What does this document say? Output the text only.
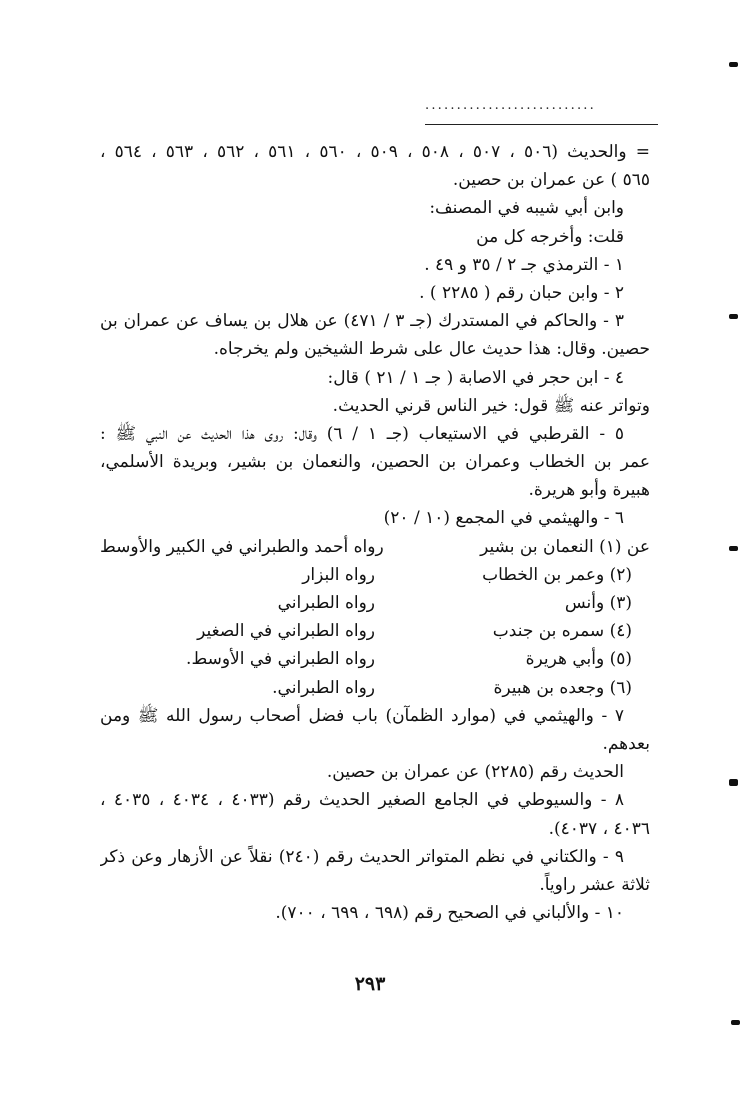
...........................
= والحديث (٥٠٦ ، ٥٠٧ ، ٥٠٨ ، ٥٠٩ ، ٥٦٠ ، ٥٦١ ، ٥٦٢ ، ٥٦٣ ، ٥٦٤ ،
٥٦٥ ) عن عمران بن حصين.
وابن أبي شيبه في المصنف:
قلت: وأخرجه كل من
١ - الترمذي جـ ٢ / ٣٥ و ٤٩ .
٢ - وابن حبان رقم ( ٢٢٨٥ ) .
٣ - والحاكم في المستدرك (جـ ٣ / ٤٧١) عن هلال بن يساف عن عمران بن
حصين. وقال: هذا حديث عال على شرط الشيخين ولم يخرجاه.
٤ - ابن حجر في الاصابة ( جـ ١ / ٢١ ) قال:
وتواتر عنه ﷺ قول: خير الناس قرني الحديث.
٥ - القرطبي في الاستيعاب (جـ ١ / ٦) وقال: روى هذا الحديث عن النبي ﷺ :
عمر بن الخطاب وعمران بن الحصين، والنعمان بن بشير، وبريدة الأسلمي،
هبيرة وأبو هريرة.
٦ - والهيثمي في المجمع (١٠ / ٢٠)
عن (١) النعمان بن بشير
رواه أحمد والطبراني في الكبير والأوسط
(٢) وعمر بن الخطاب
رواه البزار
(٣) وأنس
رواه الطبراني
(٤) سمره بن جندب
رواه الطبراني في الصغير
(٥) وأبي هريرة
رواه الطبراني في الأوسط.
(٦) وجعده بن هبيرة
رواه الطبراني.
٧ - والهيثمي في (موارد الظمآن) باب فضل أصحاب رسول الله ﷺ ومن
بعدهم.
الحديث رقم (٢٢٨٥) عن عمران بن حصين.
٨ - والسيوطي في الجامع الصغير الحديث رقم (٤٠٣٣ ، ٤٠٣٤ ، ٤٠٣٥ ،
٤٠٣٦ ، ٤٠٣٧).
٩ - والكتاني في نظم المتواتر الحديث رقم (٢٤٠) نقلاً عن الأزهار وعن ذكر
ثلاثة عشر راوياً.
١٠ - والألباني في الصحيح رقم (٦٩٨ ، ٦٩٩ ، ٧٠٠).
٢٩٣
